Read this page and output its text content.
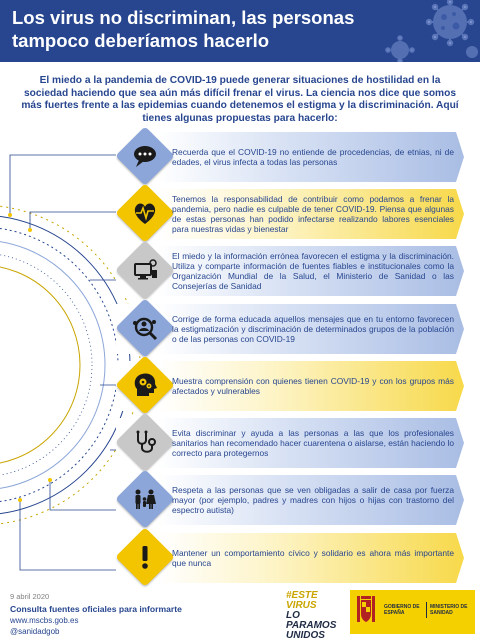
Los virus no discriminan, las personas
tampoco deberíamos hacerlo
El miedo a la pandemia de COVID-19 puede generar situaciones de hostilidad en la sociedad haciendo que sea aún más difícil frenar el virus. La ciencia nos dice que somos más fuertes frente a las epidemias cuando detenemos el estigma y la discriminación. Aquí tienes algunas propuestas para hacerlo:
Recuerda que el COVID-19 no entiende de procedencias, de etnias, ni de edades, el virus infecta a todas las personas
Tenemos la responsabilidad de contribuir como podamos a frenar la pandemia, pero nadie es culpable de tener COVID-19. Piensa que algunas de estas personas han podido infectarse realizando labores esenciales para nuestras vidas y bienestar
El miedo y la información errónea favorecen el estigma y la discriminación. Utiliza y comparte información de fuentes fiables e institucionales como la Organización Mundial de la Salud, el Ministerio de Sanidad o las Consejerías de Sanidad
Corrige de forma educada aquellos mensajes que en tu entorno favorecen la estigmatización y discriminación de determinados grupos de la población o de las personas con COVID-19
Muestra comprensión con quienes tienen COVID-19 y con los grupos más afectados y vulnerables
Evita discriminar y ayuda a las personas a las que los profesionales sanitarios han recomendado hacer cuarentena o aislarse, están haciendo lo correcto para protegernos
Respeta a las personas que se ven obligadas a salir de casa por fuerza mayor (por ejemplo, padres y madres con hijos o hijas con trastorno del espectro autista)
Mantener un comportamiento cívico y solidario es ahora más importante que nunca
9 abril 2020
Consulta fuentes oficiales para informarte
www.mscbs.gob.es
@sanidadgob
#ESTE
VIRUS
LO
PARAMOS
UNIDOS
GOBIERNO DE ESPAÑA
MINISTERIO DE SANIDAD
